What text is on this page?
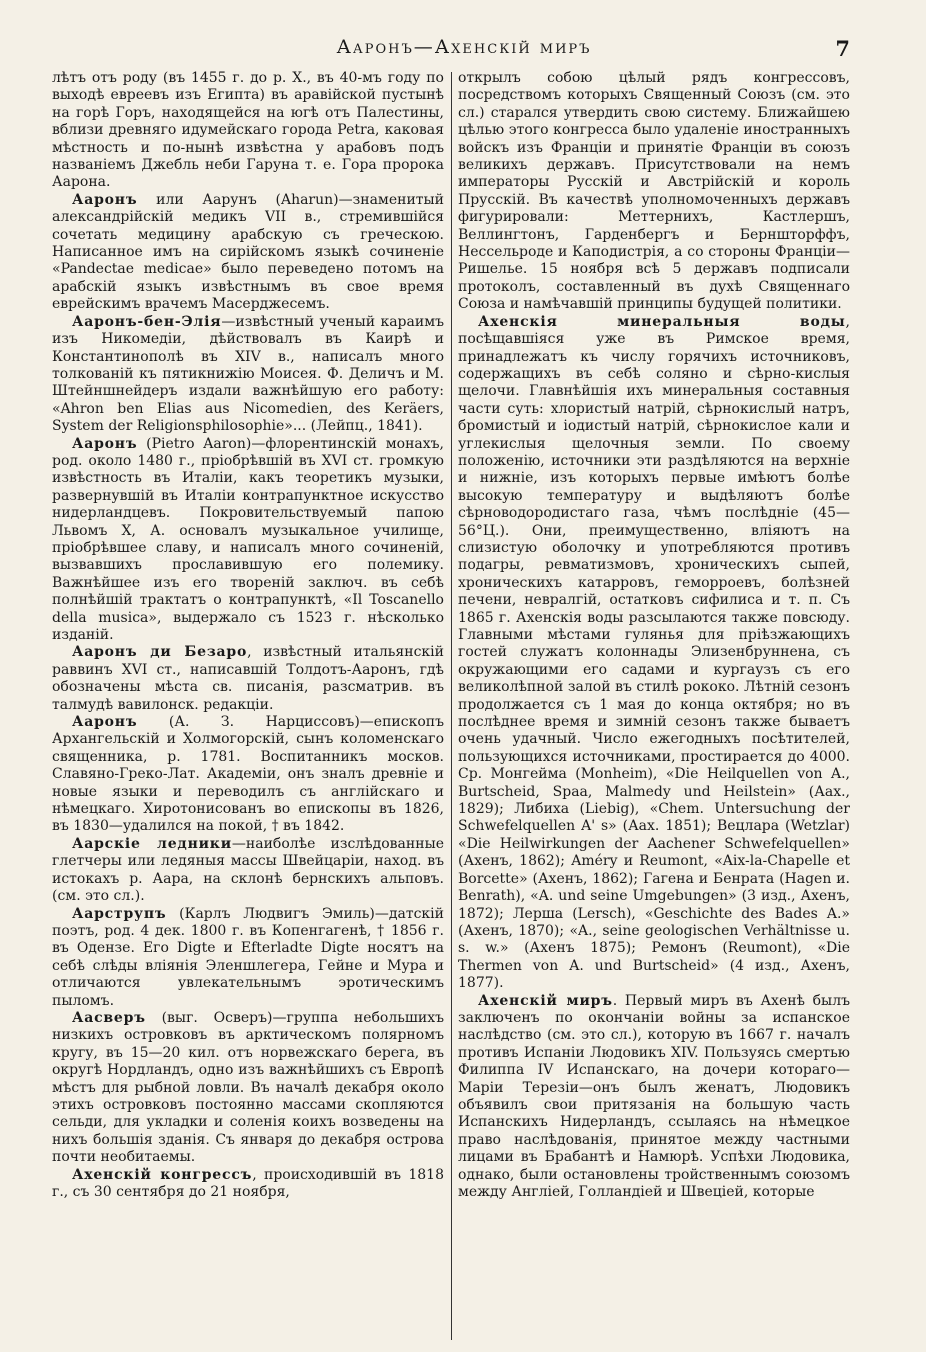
Ааронъ—Ахенскій миръ	7

лѣтъ отъ роду (въ 1455 г. до р. Х., въ 40-мъ году по выходѣ евреевъ изъ Египта) въ аравійской пустынѣ на горѣ Горъ, находящейся на югѣ отъ Палестины, вблизи древняго идумейскаго города Petra, каковая мѣстность и по-нынѣ извѣстна у арабовъ подъ названіемъ Джебль неби Гаруна т. е. Гора пророка Аарона.

Ааронъ или Аарунъ (Aharun)—знаменитый александрійскій медикъ VII в., стремившійся сочетать медицину арабскую съ греческою. Написанное имъ на сирійскомъ языкѣ сочиненіе «Pandectae medicae» было переведено потомъ на арабскій языкъ извѣстнымъ въ свое время еврейскимъ врачемъ Масерджесемъ.

Ааронъ-бен-Элія—извѣстный ученый караимъ изъ Никомедіи, дѣйствовалъ въ Каирѣ и Константинополѣ въ XIV в., написалъ много толкованій къ пятикнижію Моисея. Ф. Деличъ и М. Штейншнейдеръ издали важнѣйшую его работу: «Ahron ben Elias aus Nicomedien, des Keräers, System der Religionsphilosophie»... (Лейпц., 1841).

Ааронъ (Pietro Aaron)—флорентинскій монахъ, род. около 1480 г., пріобрѣвшій въ XVI ст. громкую извѣстность въ Италіи, какъ теоретикъ музыки, развернувшій въ Италіи контрапунктное искусство нидерландцевъ. Покровительствуемый папою Львомъ Х, А. основалъ музыкальное училище, пріобрѣвшее славу, и написалъ много сочиненій, вызвавшихъ прославившую его полемику. Важнѣйшее изъ его твореній заключ. въ себѣ полнѣйшій трактатъ о контрапунктѣ, «Il Toscanello della musica», выдержало съ 1523 г. нѣсколько изданій.

Ааронъ ди Безаро, извѣстный итальянскій раввинъ XVI ст., написавшій Толдотъ-Ааронъ, гдѣ обозначены мѣста св. писанія, разсматрив. въ талмудѣ вавилонск. редакціи.

Ааронъ (А. З. Нарциссовъ)—епископъ Архангельскій и Холмогорскій, сынъ коломенскаго священника, р. 1781. Воспитанникъ москов. Славяно-Греко-Лат. Академіи, онъ зналъ древніе и новые языки и переводилъ съ англійскаго и нѣмецкаго. Хиротонисованъ во епископы въ 1826, въ 1830—удалился на покой, † въ 1842.

Аарскіе ледники—наиболѣе изслѣдованные глетчеры или ледяныя массы Швейцаріи, наход. въ истокахъ р. Аара, на склонѣ бернскихъ альповъ. (см. это сл.).

Аарструпъ (Карлъ Людвигъ Эмиль)—датскій поэтъ, род. 4 дек. 1800 г. въ Копенгагенѣ, † 1856 г. въ Одензе. Его Digte и Efterladte Digte носятъ на себѣ слѣды вліянія Эленшлегера, Гейне и Мура и отличаются увлекательнымъ эротическимъ пыломъ.

Аасверъ (выг. Осверъ)—группа небольшихъ низкихъ островковъ въ арктическомъ полярномъ кругу, въ 15—20 кил. отъ норвежскаго берега, въ округѣ Нордландъ, одно изъ важнѣйшихъ съ Европѣ мѣстъ для рыбной ловли. Въ началѣ декабря около этихъ островковъ постоянно массами скопляются сельди, для укладки и соленія коихъ возведены на нихъ большія зданія. Съ января до декабря острова почти необитаемы.

Ахенскій конгрессъ, происходившій въ 1818 г., съ 30 сентября до 21 ноября,

открылъ собою цѣлый рядъ конгрессовъ, посредствомъ которыхъ Священный Союзъ (см. это сл.) старался утвердить свою систему. Ближайшею цѣлью этого конгресса было удаленіе иностранныхъ войскъ изъ Франціи и принятіе Франціи въ союзъ великихъ державъ. Присутствовали на немъ императоры Русскій и Австрійскій и король Прусскій. Въ качествѣ уполномоченныхъ державъ фигурировали: Меттернихъ, Кастлершъ, Веллингтонъ, Гарденбергъ и Берншторффъ, Нессельроде и Каподистрія, а со стороны Франціи—Ришелье. 15 ноября всѣ 5 державъ подписали протоколъ, составленный въ духѣ Священнаго Союза и намѣчавшій принципы будущей политики.

Ахенскія минеральныя воды, посѣщавшіяся уже въ Римское время, принадлежатъ къ числу горячихъ источниковъ, содержащихъ въ себѣ соляно и сѣрно-кислыя щелочи. Главнѣйшія ихъ минеральныя составныя части суть: хлористый натрій, сѣрнокислый натръ, бромистый и іодистый натрій, сѣрнокислое кали и углекислыя щелочныя земли. По своему положенію, источники эти раздѣляются на верхніе и нижніе, изъ которыхъ первые имѣютъ болѣе высокую температуру и выдѣляютъ болѣе сѣрноводородистаго газа, чѣмъ послѣдніе (45—56°Ц.). Они, преимущественно, вліяютъ на слизистую оболочку и употребляются противъ подагры, ревматизмовъ, хроническихъ сыпей, хроническихъ катарровъ, геморроевъ, болѣзней печени, невралгій, остатковъ сифилиса и т. п. Съ 1865 г. Ахенскія воды разсылаются также повсюду. Главными мѣстами гулянья для пріѣзжающихъ гостей служатъ колоннады Элизенбруннена, съ окружающими его садами и кургаузъ съ его великолѣпной залой въ стилѣ рококо. Лѣтній сезонъ продолжается съ 1 мая до конца октября; но въ послѣднее время и зимній сезонъ также бываетъ очень удачный. Число ежегодныхъ посѣтителей, пользующихся источниками, простирается до 4000. Ср. Монгейма (Monheim), «Die Heilquellen von A., Burtscheid, Spaa, Malmedy und Heilstein» (Аах., 1829); Либиха (Liebig), «Chem. Untersuchung der Schwefelquellen A' s» (Аах. 1851); Вецлара (Wetzlar) «Die Heilwirkungen der Aachener Schwefelquellen» (Ахенъ, 1862); Améry и Reumont, «Aix-la-Chapelle et Borcette» (Ахенъ, 1862); Гагена и Бенрата (Hagen и. Benrath), «A. und seine Umgebungen» (3 изд., Ахенъ, 1872); Лерша (Lersch), «Geschichte des Bades A.» (Ахенъ, 1870); «A., seine geologischen Verhältnisse u. s. w.» (Ахенъ 1875); Ремонъ (Reumont), «Die Thermen von A. und Burtscheid» (4 изд., Ахенъ, 1877).

Ахенскій миръ. Первый миръ въ Ахенѣ былъ заключенъ по окончаніи войны за испанское наслѣдство (см. это сл.), которую въ 1667 г. началъ противъ Испаніи Людовикъ XIV. Пользуясь смертью Филиппа IV Испанскаго, на дочери котораго—Маріи Терезіи—онъ былъ женатъ, Людовикъ объявилъ свои притязанія на большую часть Испанскихъ Нидерландъ, ссылаясь на нѣмецкое право наслѣдованія, принятое между частными лицами въ Брабантѣ и Намюрѣ. Успѣхи Людовика, однако, были остановлены тройственнымъ союзомъ между Англіей, Голландіей и Швеціей, которые
